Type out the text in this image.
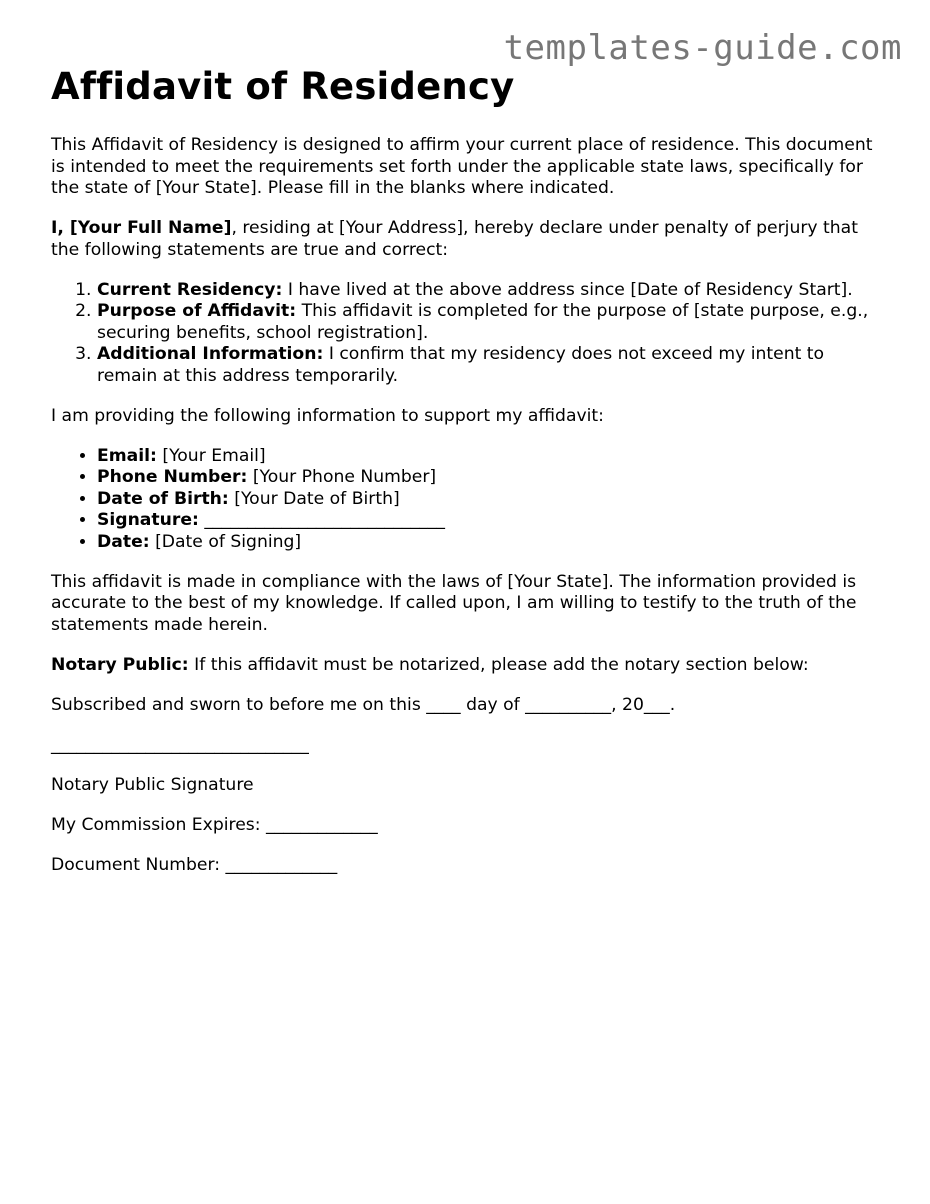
templates-guide.com
Affidavit of Residency

This Affidavit of Residency is designed to affirm your current place of residence. This document is intended to meet the requirements set forth under the applicable state laws, specifically for the state of [Your State]. Please fill in the blanks where indicated.

I, [Your Full Name], residing at [Your Address], hereby declare under penalty of perjury that the following statements are true and correct:

1. Current Residency: I have lived at the above address since [Date of Residency Start].
2. Purpose of Affidavit: This affidavit is completed for the purpose of [state purpose, e.g., securing benefits, school registration].
3. Additional Information: I confirm that my residency does not exceed my intent to remain at this address temporarily.

I am providing the following information to support my affidavit:

• Email: [Your Email]
• Phone Number: [Your Phone Number]
• Date of Birth: [Your Date of Birth]
• Signature: ____________________________
• Date: [Date of Signing]

This affidavit is made in compliance with the laws of [Your State]. The information provided is accurate to the best of my knowledge. If called upon, I am willing to testify to the truth of the statements made herein.

Notary Public: If this affidavit must be notarized, please add the notary section below:

Subscribed and sworn to before me on this ____ day of __________, 20___.

______________________________

Notary Public Signature

My Commission Expires: _____________

Document Number: _____________
